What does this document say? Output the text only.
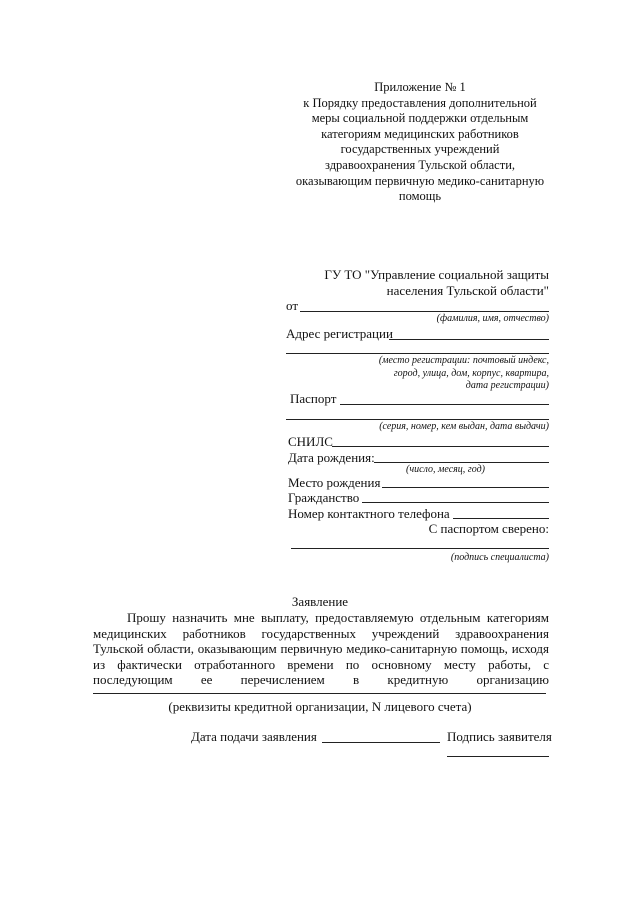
Приложение № 1
к Порядку предоставления дополнительной
меры социальной поддержки отдельным
категориям медицинских работников
государственных учреждений
здравоохранения Тульской области,
оказывающим первичную медико-санитарную
помощь
ГУ ТО "Управление социальной защиты
населения Тульской области"
от
(фамилия, имя, отчество)
Адрес регистрации
(место регистрации: почтовый индекс,
город, улица, дом, корпус, квартира,
дата регистрации)
Паспорт
(серия, номер, кем выдан, дата выдачи)
СНИЛС
Дата рождения:
(число, месяц, год)
Место рождения
Гражданство
Номер контактного телефона
С паспортом сверено:
(подпись специалиста)
Заявление
Прошу назначить мне выплату, предоставляемую отдельным категориям
медицинских работников государственных учреждений здравоохранения
Тульской области, оказывающим первичную медико-санитарную помощь, исходя
из фактически отработанного времени по основному месту работы, с
последующим ее перечислением в кредитную организацию
(реквизиты кредитной организации, N лицевого счета)
Дата подачи заявления	Подпись заявителя
